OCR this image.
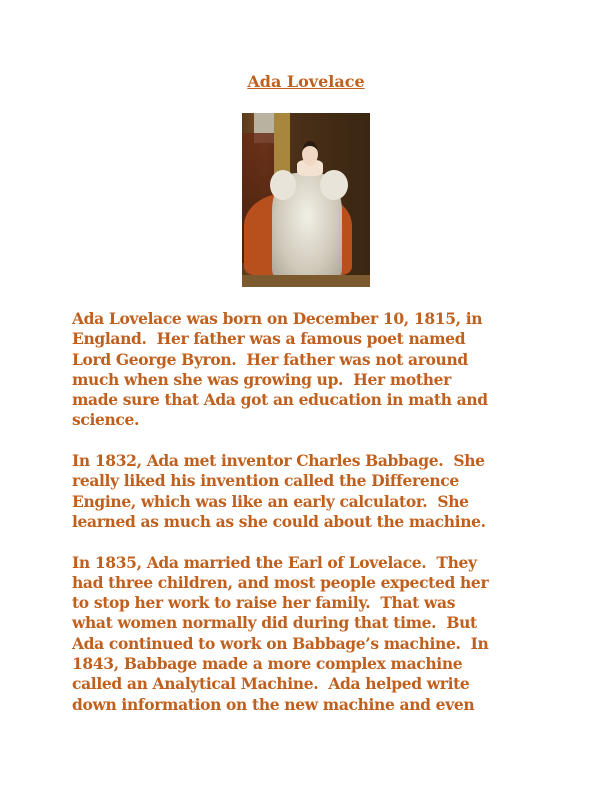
Ada Lovelace
Ada Lovelace was born on December 10, 1815, in
England.  Her father was a famous poet named
Lord George Byron.  Her father was not around
much when she was growing up.  Her mother
made sure that Ada got an education in math and
science.
In 1832, Ada met inventor Charles Babbage.  She
really liked his invention called the Difference
Engine, which was like an early calculator.  She
learned as much as she could about the machine.
In 1835, Ada married the Earl of Lovelace.  They
had three children, and most people expected her
to stop her work to raise her family.  That was
what women normally did during that time.  But
Ada continued to work on Babbage’s machine.  In
1843, Babbage made a more complex machine
called an Analytical Machine.  Ada helped write
down information on the new machine and even
